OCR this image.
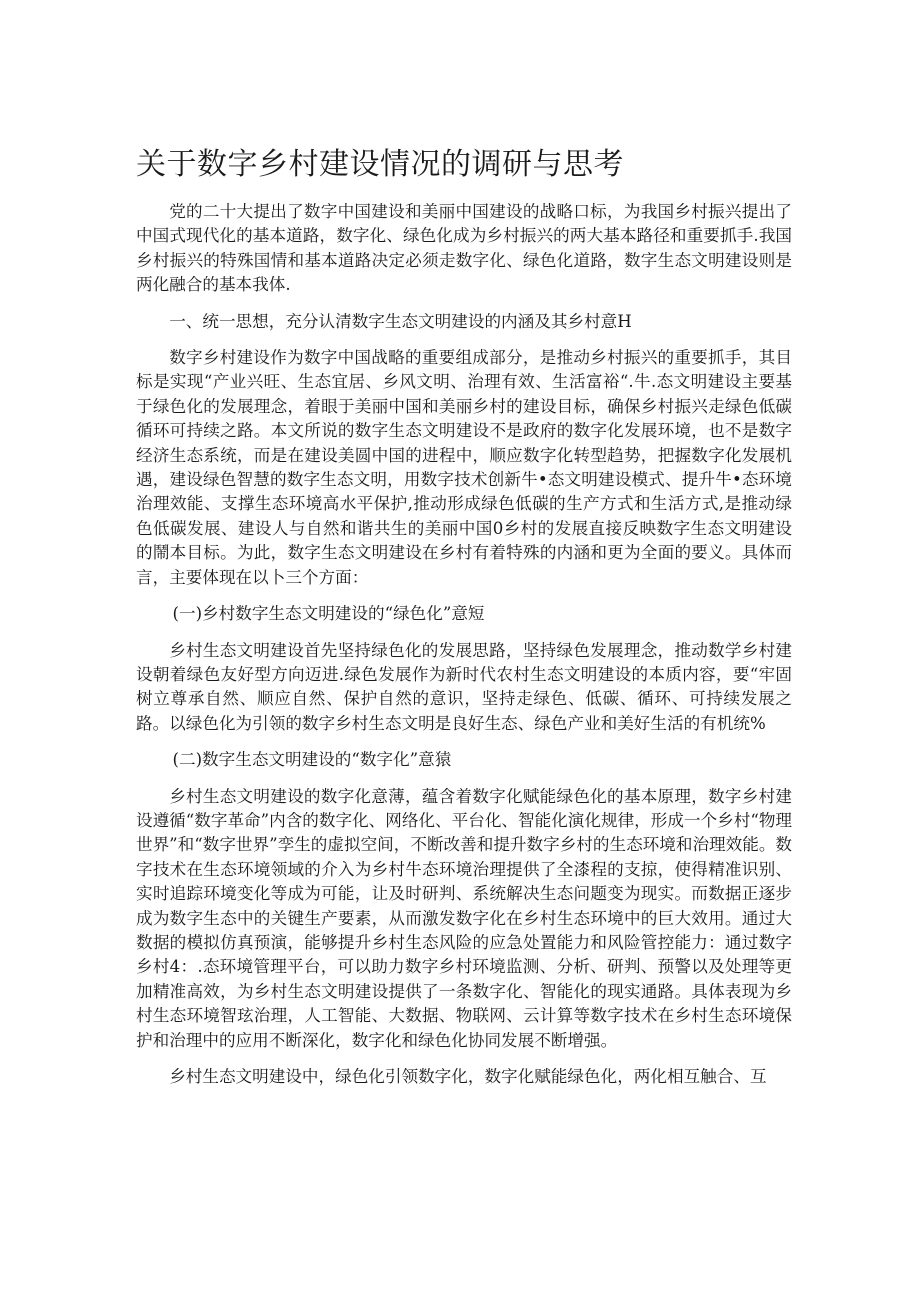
关于数字乡村建设情况的调研与思考

党的二十大提出了数字中国建设和美丽中国建设的战略口标，为我国乡村振兴提出了中国式现代化的基本道路，数字化、绿色化成为乡村振兴的两大基本路径和重要抓手.我国乡村振兴的特殊国情和基本道路决定必须走数字化、绿色化道路，数字生态文明建设则是两化融合的基本我体.

一、统一思想，充分认清数字生态文明建设的内涵及其乡村意H

数字乡村建设作为数字中国战略的重要组成部分，是推动乡村振兴的重要抓手，其目标是实现“产业兴旺、生态宜居、乡风文明、治理有效、生活富裕“.牛.态文明建设主要基于绿色化的发展理念，着眼于美丽中国和美丽乡村的建设目标，确保乡村振兴走绿色低碳循环可持续之路。本文所说的数字生态文明建设不是政府的数字化发展环境，也不是数字经济生态系统，而是在建设美圆中国的进程中，顺应数字化转型趋势，把握数字化发展机遇，建设绿色智慧的数字生态文明，用数字技术创新牛•态文明建设模式、提升牛•态环境治理效能、支撑生态环境高水平保护,推动形成绿色低碳的生产方式和生活方式,是推动绿色低碳发展、建设人与自然和谐共生的美丽中国0乡村的发展直接反映数字生态文明建设的鬧本目标。为此，数字生态文明建设在乡村有着特殊的内涵和更为全面的要义。具体而言，主要体现在以卜三个方面：

(一)乡村数字生态文明建设的“绿色化”意短

乡村生态文明建设首先坚持绿色化的发展思路，坚持绿色发展理念，推动数学乡村建设朝着绿色友好型方向迈进.绿色发展作为新时代农村生态文明建设的本质内容，要“牢固树立尊承自然、顺应自然、保护自然的意识，坚持走绿色、低碳、循环、可持续发展之路。以绿色化为引领的数字乡村生态文明是良好生态、绿色产业和美好生活的有机统%

(二)数字生态文明建设的“数字化”意猿

乡村生态文明建设的数字化意薄，蕴含着数字化赋能绿色化的基本原理，数字乡村建设遵循“数字革命”内含的数字化、网络化、平台化、智能化演化规律，形成一个乡村“物理世界”和“数字世界”孪生的虚拟空间，不断改善和提升数字乡村的生态环境和治理效能。数字技术在生态环境领域的介入为乡村牛态环境治理提供了全漆程的支掠，使得精准识别、实时追踪环境变化等成为可能，让及时研判、系统解决生态问题变为现实。而数据正逐步成为数字生态中的关键生产要素，从而激发数字化在乡村生态环境中的巨大效用。通过大数据的模拟仿真预演，能够提升乡村生态风险的应急处置能力和风险管控能力：通过数字乡村4：.态环境管理平台，可以助力数字乡村环境监测、分析、研判、预警以及处理等更加精准高效，为乡村生态文明建设提供了一条数字化、智能化的现实通路。具体表现为乡村生态环境智玹治理，人工智能、大数据、物联网、云计算等数字技术在乡村生态环境保护和治理中的应用不断深化，数字化和绿色化协同发展不断增强。

乡村生态文明建设中，绿色化引领数字化，数字化赋能绿色化，两化相互触合、互
